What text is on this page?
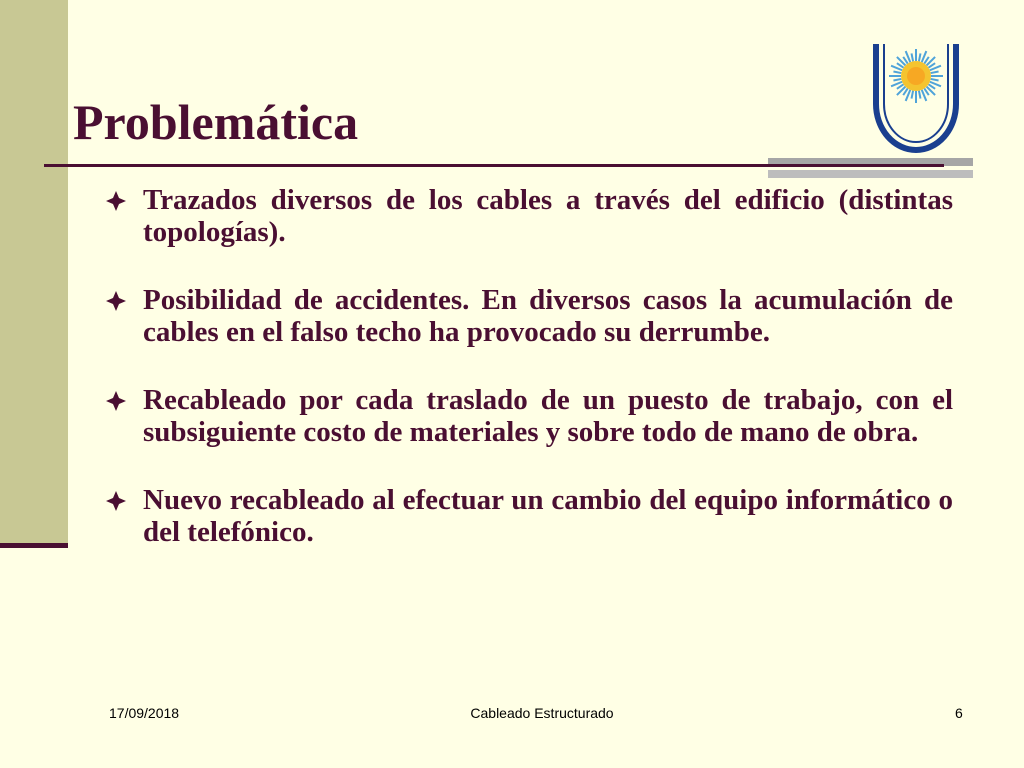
Problemática
Trazados diversos de los cables a través del edificio (distintas topologías).
Posibilidad de accidentes. En diversos casos la acumulación de cables en el falso techo ha provocado su derrumbe.
Recableado por cada traslado de un puesto de trabajo, con el subsiguiente costo de materiales y sobre todo de mano de obra.
Nuevo recableado al efectuar un cambio del equipo informático o del telefónico.
17/09/2018	Cableado Estructurado	6
